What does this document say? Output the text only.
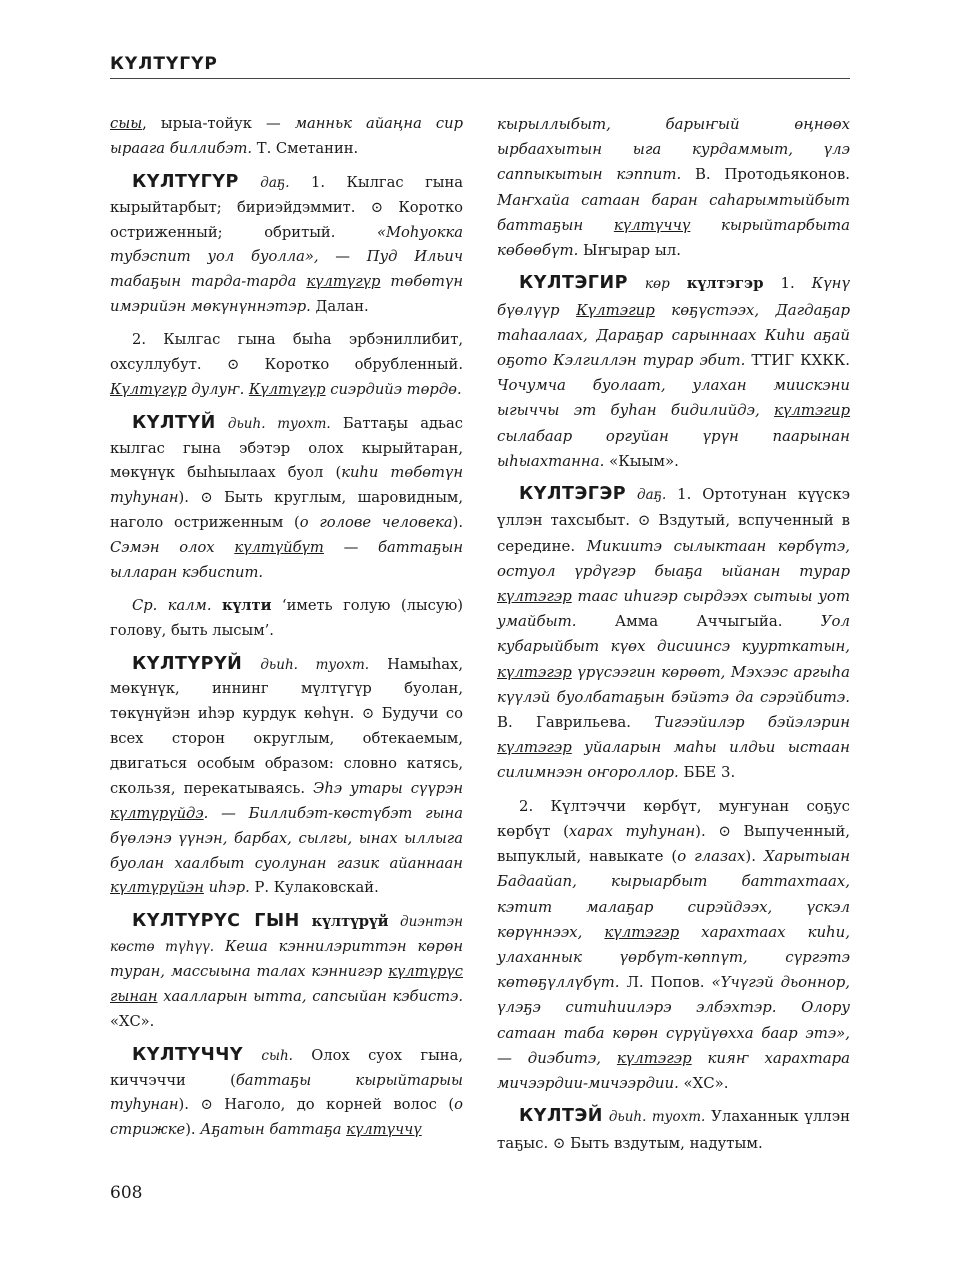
КҮЛТҮГҮР

сыы, ырыа-тойук — манньк айаңна сир ыраага биллибэт. Т. Сметанин.

КҮЛТҮГҮР даҕ. 1. Кылгас гына кырыйтарбыт; бириэйдэммит. ⊙ Коротко остриженный; обритый. «Моһуокка тубэспит уол буолла», — Пуд Ильич табаҕын тарда-тарда күлтүгүр төбөтүн имэрийэн мөкүнүннэтэр. Далан.

2. Кылгас гына быһа эрбэниллибит, охсуллубут. ⊙ Коротко обрубленный. Күлтүгүр дулуҥ. Күлтүгүр сиэрдийэ төрдө.

КҮЛТҮЙ дьиһ. туохт. Баттаҕы адьас кылгас гына эбэтэр олох кырыйтаран, мөкүнүк быһыылаах буол (киһи төбөтүн туһунан). ⊙ Быть круглым, шаровидным, наголо остриженным (о голове человека). Сэмэн олох күлтүйбүт — баттаҕын ылларан кэбиспит.

Ср. калм. күлти ‘иметь голую (лысую) голову, быть лысым’.

КҮЛТҮРҮЙ дьиһ. туохт. Намыһах, мөкүнүк, иннинг мүлтүгүр буолан, төкүнүйэн иһэр курдук көһүн. ⊙ Будучи со всех сторон округлым, обтекаемым, двигаться особым образом: словно катясь, скользя, перекатываясь. Эһэ утары сүүрэн күлтүрүйдэ. — Биллибэт-көстүбэт гына бүөлэнэ үүнэн, барбах, сылгы, ынах ыллыга буолан хаалбыт суолунан газик айаннаан күлтүрүйэн иһэр. Р. Кулаковскай.

КҮЛТҮРҮС ГЫН күлтүрүй диэнтэн көстө түһүү. Кеша кэннилэриттэн көрөн туран, массыына талах кэннигэр күлтүрүс гынан хаалларын ытта, сапсыйан кэбистэ. «ХС».

КҮЛТҮЧЧҮ сыһ. Олох суох гына, киччэччи (баттаҕы кырыйтарыы туһунан). ⊙ Наголо, до корней волос (о стрижке). Аҕатын баттаҕа күлтүччү

кырыллыбыт, барыҥый өңнөөх ырбаахытын ыга курдаммыт, үлэ саппыкытын кэппит. В. Протодьяконов. Маҥхайа сатаан баран сaһарымтыйбыт баттаҕын күлтүччү кырыйтарбыта көбөөбүт. Ыҥырар ыл.

КҮЛТЭГИР көр күлтэгэр 1. Күнү бүөлүүр Күлтэгир көҕүстээх, Дагдаҕар таһаалаах, Дараҕар сарыннаах Киһи аҕай оҕото Кэлгиллэн турар эбит. ТТИГ КХКК. Чочумча буолаат, улахан миискэни ыгыччы эт буһан бидилийдэ, күлтэгир сылабаар оргуйан үрүн паарынан ыһыахтанна. «Кыым».

КҮЛТЭГЭР даҕ. 1. Ортотунан күүскэ үллэн тахсыбыт. ⊙ Вздутый, вспученный в середине. Микиитэ сылыктаан көрбүтэ, остуол үрдүгэр быаҕа ыйанан турар күлтэгэр таас иһигэр сырдээх сытыы уот умайбыт. Амма Аччыгыйа. Уол кубарыйбыт күөх дисиинсэ куурткатын, күлтэгэр үрүсээгин көрөөт, Мэхээс аргыһа күүлэй буолбатаҕын бэйэтэ да сэрэйбитэ. В. Гаврильева. Тигээйилэр бэйэлэрин күлтэгэр уйаларын маһы илдьи ыстаан силимнээн оҥороллор. ББЕ 3.

2. Күлтэччи көрбүт, муҥунан соҕус көрбүт (харах туһунан). ⊙ Выпученный, выпуклый, навыкате (о глазах). Харытыан Бадаайап, кырыарбыт баттахтаах, кэтит малаҕар сирэйдээх, үскэл көрүннээх, күлтэгэр харахтаах киһи, улаханнык үөрбүт-көппүт, сүргэтэ көтөҕүллүбүт. Л. Попов. «Үчүгэй дьоннор, үлэҕэ ситиһиилэрэ элбэхтэр. Олору сатаан таба көрөн сүрүйүөхха баар этэ», — диэбитэ, күлтэгэр кияҥ харахтара мичээрдии-мичээрдии. «ХС».

КҮЛТЭЙ дьиһ. туохт. Улаханнык үллэн таҕыс. ⊙ Быть вздутым, надутым.

608
